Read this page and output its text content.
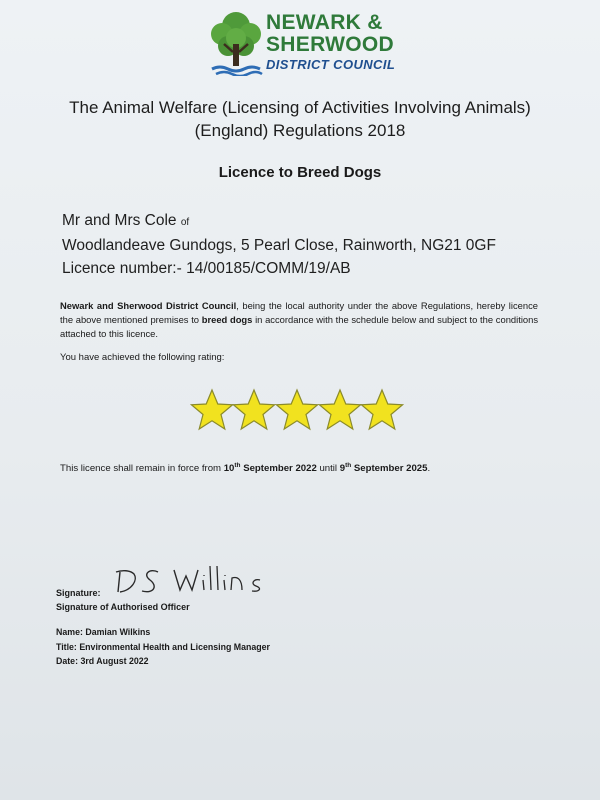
NEWARK &
SHERWOOD
DISTRICT COUNCIL
The Animal Welfare (Licensing of Activities Involving Animals)
(England) Regulations 2018
Licence to Breed Dogs
Mr and Mrs Cole of
Woodlandeave Gundogs, 5 Pearl Close, Rainworth, NG21 0GF
Licence number:- 14/00185/COMM/19/AB
Newark and Sherwood District Council, being the local authority under the above Regulations, hereby licence the above mentioned premises to breed dogs in accordance with the schedule below and subject to the conditions attached to this licence.
You have achieved the following rating:
This licence shall remain in force from 10th September 2022 until 9th September 2025.
Signature:
Signature of Authorised Officer
Name: Damian Wilkins
Title: Environmental Health and Licensing Manager
Date: 3rd August 2022
